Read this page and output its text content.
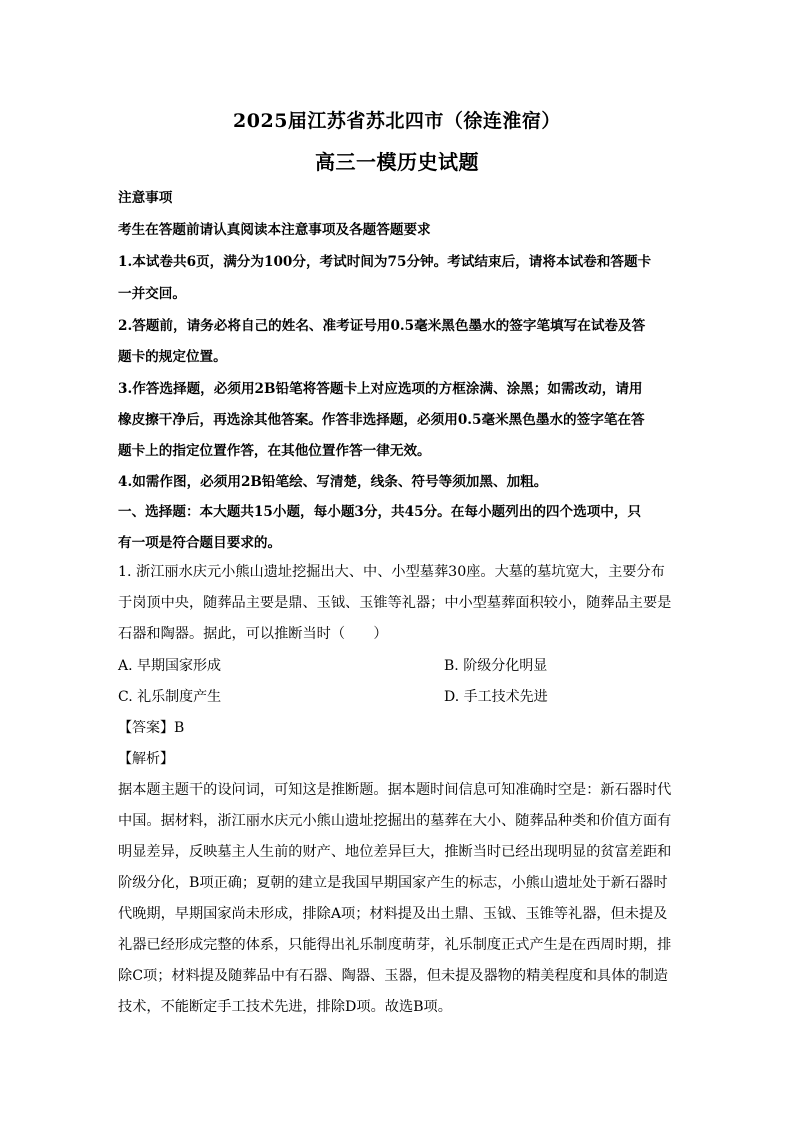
2025届江苏省苏北四市（徐连淮宿）
高三一模历史试题
注意事项
考生在答题前请认真阅读本注意事项及各题答题要求
1.本试卷共6页，满分为100分，考试时间为75分钟。考试结束后，请将本试卷和答题卡
一并交回。
2.答题前，请务必将自己的姓名、准考证号用0.5毫米黑色墨水的签字笔填写在试卷及答
题卡的规定位置。
3.作答选择题，必须用2B铅笔将答题卡上对应选项的方框涂满、涂黑；如需改动，请用
橡皮擦干净后，再选涂其他答案。作答非选择题，必须用0.5毫米黑色墨水的签字笔在答
题卡上的指定位置作答，在其他位置作答一律无效。
4.如需作图，必须用2B铅笔绘、写清楚，线条、符号等须加黑、加粗。
一、选择题：本大题共15小题，每小题3分，共45分。在每小题列出的四个选项中，只
有一项是符合题目要求的。
1. 浙江丽水庆元小熊山遗址挖掘出大、中、小型墓葬30座。大墓的墓坑宽大，主要分布
于岗顶中央，随葬品主要是鼎、玉钺、玉锥等礼器；中小型墓葬面积较小，随葬品主要是
石器和陶器。据此，可以推断当时（　　）
A. 早期国家形成	B. 阶级分化明显
C. 礼乐制度产生	D. 手工技术先进
【答案】B
【解析】
据本题主题干的设问词，可知这是推断题。据本题时间信息可知准确时空是：新石器时代
中国。据材料，浙江丽水庆元小熊山遗址挖掘出的墓葬在大小、随葬品种类和价值方面有
明显差异，反映墓主人生前的财产、地位差异巨大，推断当时已经出现明显的贫富差距和
阶级分化，B项正确；夏朝的建立是我国早期国家产生的标志，小熊山遗址处于新石器时
代晚期，早期国家尚未形成，排除A项；材料提及出土鼎、玉钺、玉锥等礼器，但未提及
礼器已经形成完整的体系，只能得出礼乐制度萌芽，礼乐制度正式产生是在西周时期，排
除C项；材料提及随葬品中有石器、陶器、玉器，但未提及器物的精美程度和具体的制造
技术，不能断定手工技术先进，排除D项。故选B项。
